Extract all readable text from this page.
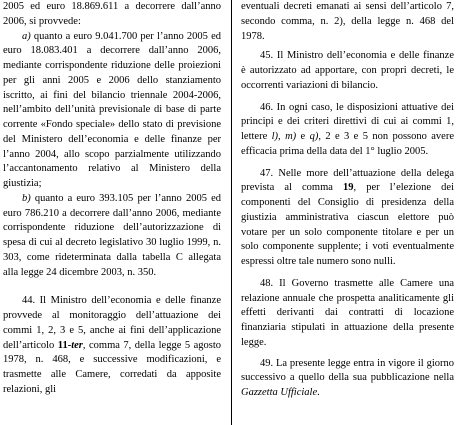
2005 ed euro 18.869.611 a decorrere dall’anno 2006, si provvede:

a) quanto a euro 9.041.700 per l’anno 2005 ed euro 18.083.401 a decorrere dall’anno 2006, mediante corrispondente riduzione delle proiezioni per gli anni 2005 e 2006 dello stanziamento iscritto, ai fini del bilancio triennale 2004-2006, nell’ambito dell’unità previsionale di base di parte corrente «Fondo speciale» dello stato di previsione del Ministero dell’economia e delle finanze per l’anno 2004, allo scopo parzialmente utilizzando l’accantonamento relativo al Ministero della giustizia;

b) quanto a euro 393.105 per l’anno 2005 ed euro 786.210 a decorrere dall’anno 2006, mediante corrispondente riduzione dell’autorizzazione di spesa di cui al decreto legislativo 30 luglio 1999, n. 303, come rideterminata dalla tabella C allegata alla legge 24 dicembre 2003, n. 350.

44. Il Ministro dell’economia e delle finanze provvede al monitoraggio dell’attuazione dei commi 1, 2, 3 e 5, anche ai fini dell’applicazione dell’articolo 11-ter, comma 7, della legge 5 agosto 1978, n. 468, e successive modificazioni, e trasmette alle Camere, corredati da apposite relazioni, gli

eventuali decreti emanati ai sensi dell’articolo 7, secondo comma, n. 2), della legge n. 468 del 1978.

45. Il Ministro dell’economia e delle finanze è autorizzato ad apportare, con propri decreti, le occorrenti variazioni di bilancio.

46. In ogni caso, le disposizioni attuative dei principi e dei criteri direttivi di cui ai commi 1, lettere l), m) e q), 2 e 3 e 5 non possono avere efficacia prima della data del 1° luglio 2005.

47. Nelle more dell’attuazione della delega prevista al comma 19, per l’elezione dei componenti del Consiglio di presidenza della giustizia amministrativa ciascun elettore può votare per un solo componente titolare e per un solo componente supplente; i voti eventualmente espressi oltre tale numero sono nulli.

48. Il Governo trasmette alle Camere una relazione annuale che prospetta analiticamente gli effetti derivanti dai contratti di locazione finanziaria stipulati in attuazione della presente legge.

49. La presente legge entra in vigore il giorno successivo a quello della sua pubblicazione nella Gazzetta Ufficiale.
